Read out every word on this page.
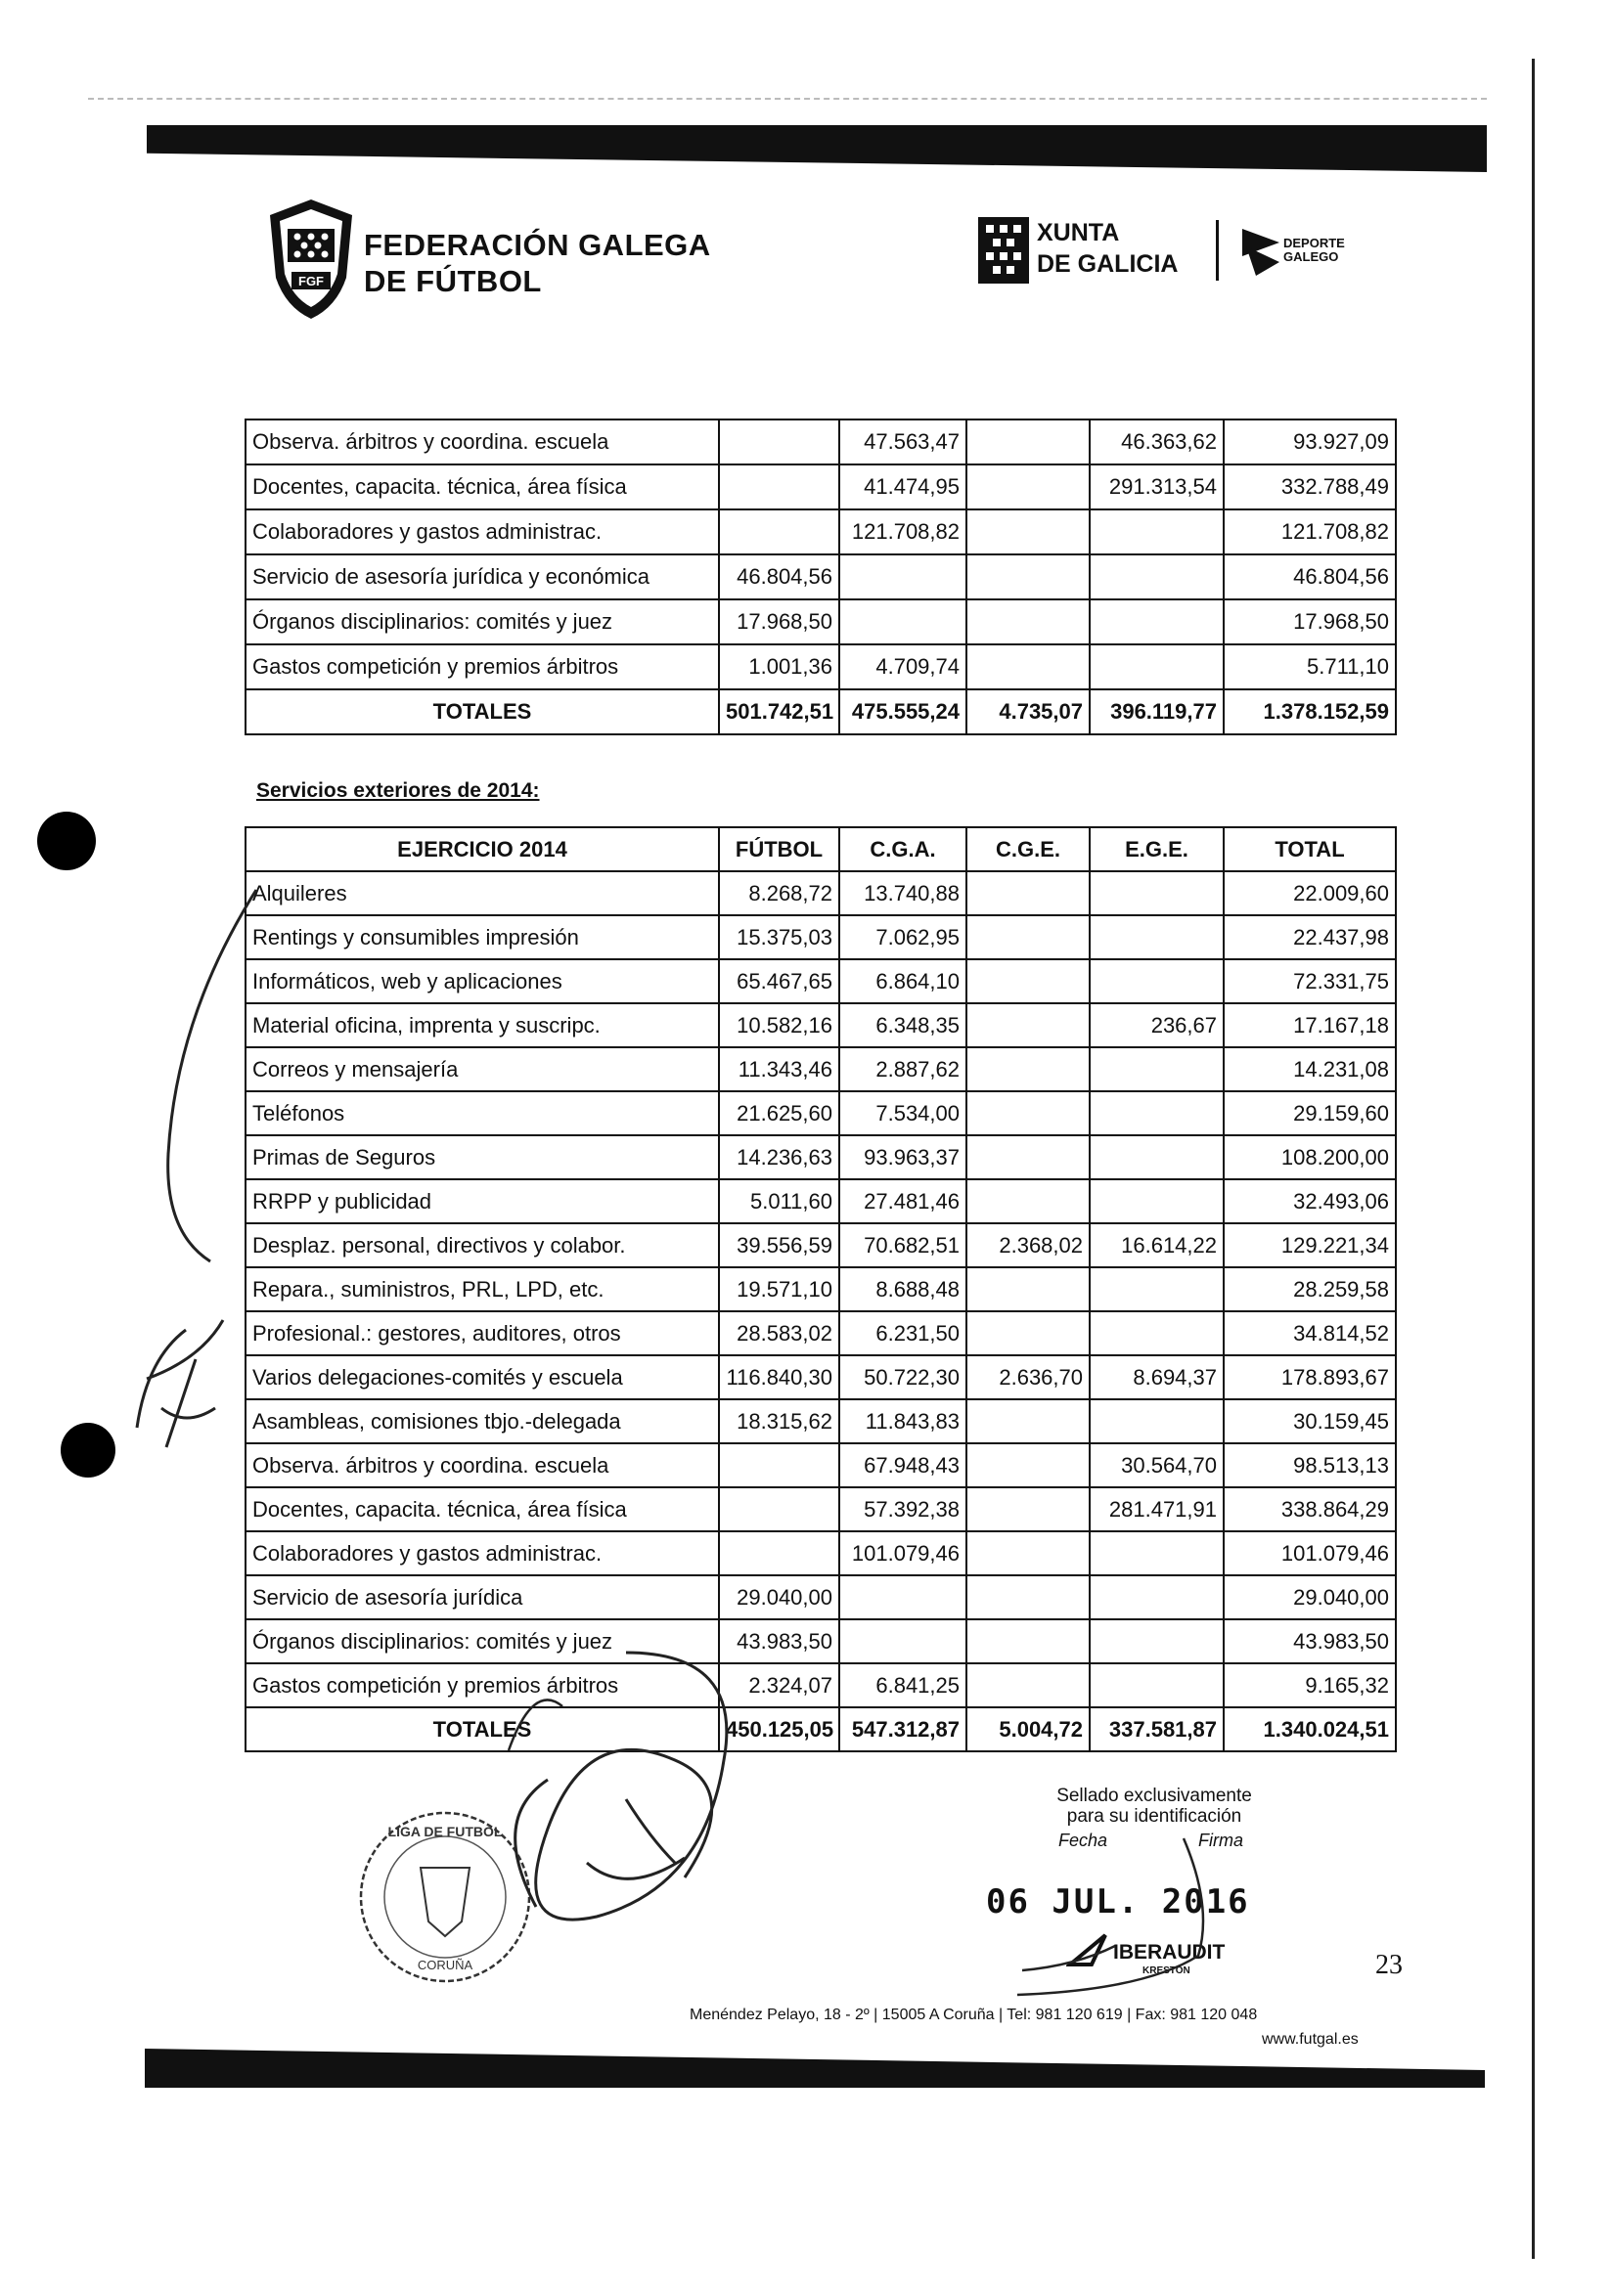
FGF
FEDERACIÓN GALEGA
DE FÚTBOL
XUNTA
DE GALICIA
DEPORTE
GALEGO
Observa. árbitros y coordina. escuela		47.563,47		46.363,62	93.927,09
Docentes, capacita. técnica, área física		41.474,95		291.313,54	332.788,49
Colaboradores y gastos administrac.		121.708,82			121.708,82
Servicio de asesoría jurídica y económica	46.804,56				46.804,56
Órganos disciplinarios: comités y juez	17.968,50				17.968,50
Gastos competición y premios árbitros	1.001,36	4.709,74			5.711,10
TOTALES	501.742,51	475.555,24	4.735,07	396.119,77	1.378.152,59
Servicios exteriores de 2014:
EJERCICIO 2014	FÚTBOL	C.G.A.	C.G.E.	E.G.E.	TOTAL
Alquileres	8.268,72	13.740,88			22.009,60
Rentings y consumibles impresión	15.375,03	7.062,95			22.437,98
Informáticos, web y aplicaciones	65.467,65	6.864,10			72.331,75
Material oficina, imprenta y suscripc.	10.582,16	6.348,35		236,67	17.167,18
Correos y mensajería	11.343,46	2.887,62			14.231,08
Teléfonos	21.625,60	7.534,00			29.159,60
Primas de Seguros	14.236,63	93.963,37			108.200,00
RRPP y publicidad	5.011,60	27.481,46			32.493,06
Desplaz. personal, directivos y colabor.	39.556,59	70.682,51	2.368,02	16.614,22	129.221,34
Repara., suministros, PRL, LPD, etc.	19.571,10	8.688,48			28.259,58
Profesional.: gestores, auditores, otros	28.583,02	6.231,50			34.814,52
Varios delegaciones-comités y escuela	116.840,30	50.722,30	2.636,70	8.694,37	178.893,67
Asambleas, comisiones tbjo.-delegada	18.315,62	11.843,83			30.159,45
Observa. árbitros y coordina. escuela		67.948,43		30.564,70	98.513,13
Docentes, capacita. técnica, área física		57.392,38		281.471,91	338.864,29
Colaboradores y gastos administrac.		101.079,46			101.079,46
Servicio de asesoría jurídica	29.040,00				29.040,00
Órganos disciplinarios: comités y juez	43.983,50				43.983,50
Gastos competición y premios árbitros	2.324,07	6.841,25			9.165,32
TOTALES	450.125,05	547.312,87	5.004,72	337.581,87	1.340.024,51
Sellado exclusivamente
para su identificación
Fecha	Firma
06 JUL. 2016
IBERAUDIT
KRESTON	23
Menéndez Pelayo, 18 - 2º | 15005 A Coruña | Tel: 981 120 619 | Fax: 981 120 048
www.futgal.es
LIGA DE FUTBOL
CORUÑA
